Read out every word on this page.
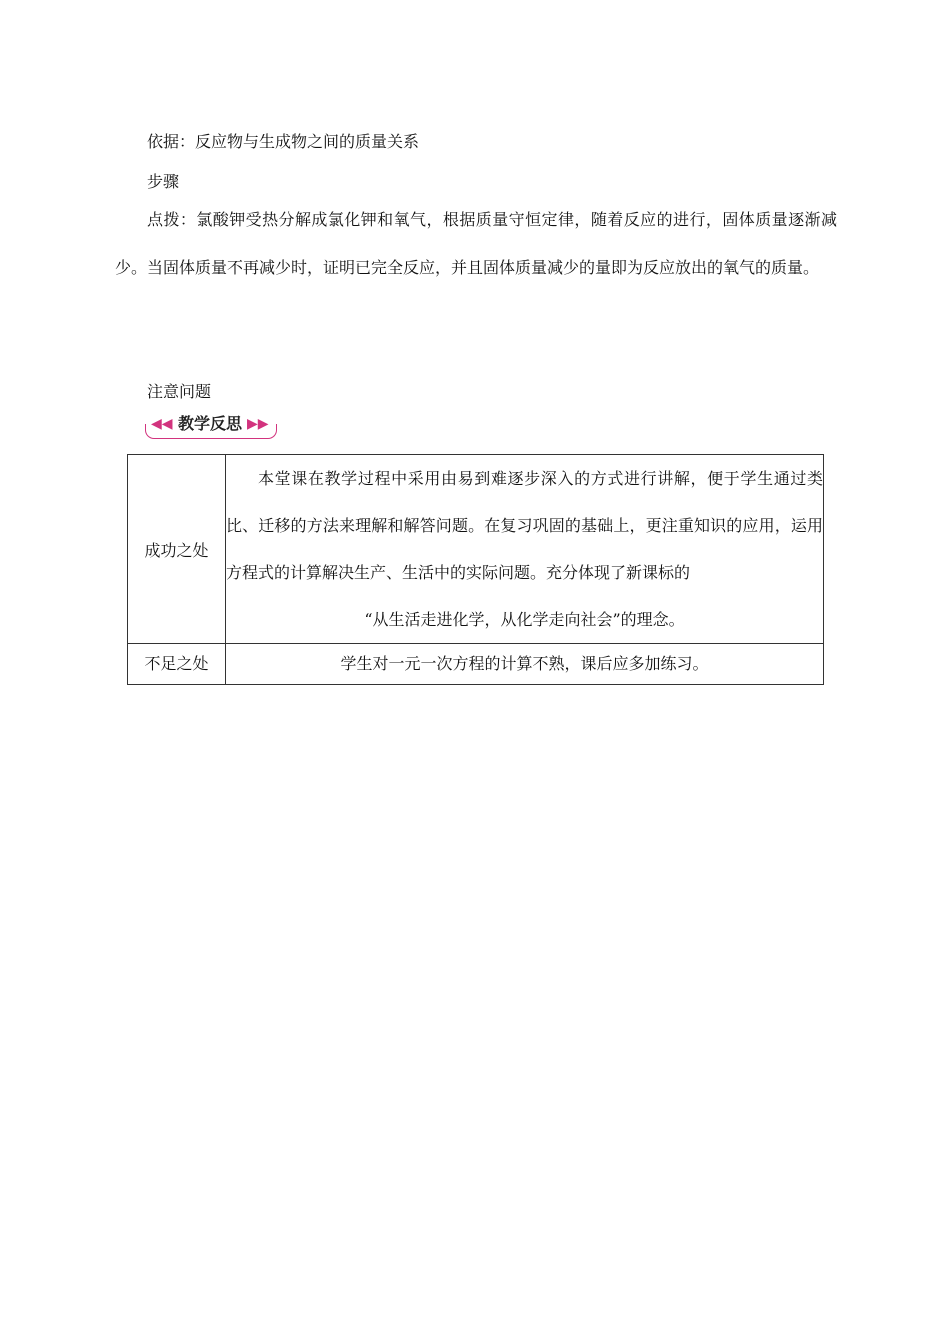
依据：反应物与生成物之间的质量关系
步骤
点拨：氯酸钾受热分解成氯化钾和氧气，根据质量守恒定律，随着反应的进行，固体质量逐渐减少。当固体质量不再减少时，证明已完全反应，并且固体质量减少的量即为反应放出的氧气的质量。
注意问题
◀◀ 教学反思 ▶▶
成功之处	本堂课在教学过程中采用由易到难逐步深入的方式进行讲解，便于学生通过类比、迁移的方法来理解和解答问题。在复习巩固的基础上，更注重知识的应用，运用方程式的计算解决生产、生活中的实际问题。充分体现了新课标的
“从生活走进化学，从化学走向社会”的理念。

不足之处	学生对一元一次方程的计算不熟，课后应多加练习。
